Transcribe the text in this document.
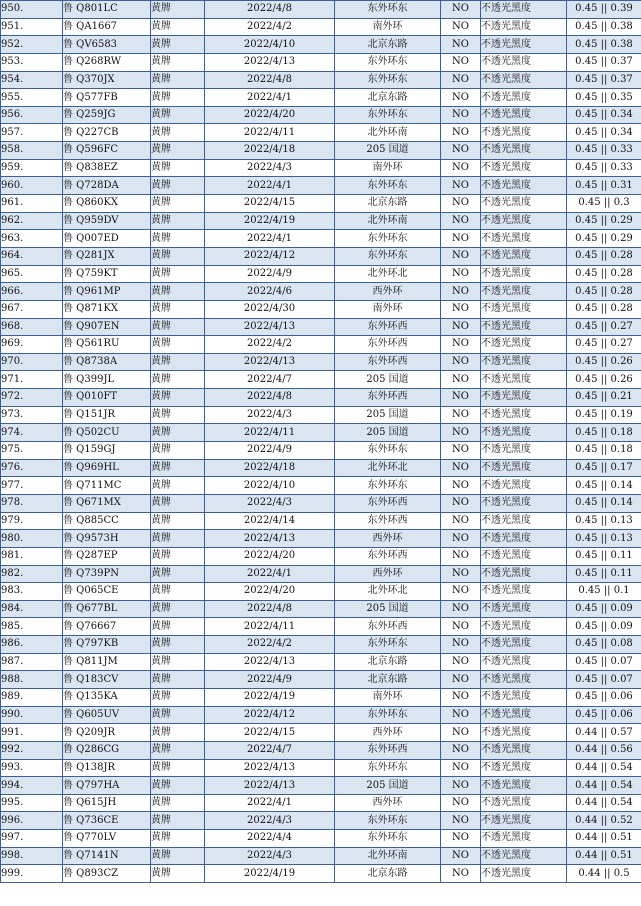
950.	鲁 Q801LC	黄牌	2022/4/8	东外环东	NO	不透光黑度	0.45 || 0.39
951.	鲁 QA1667	黄牌	2022/4/2	南外环	NO	不透光黑度	0.45 || 0.38
952.	鲁 QV6583	黄牌	2022/4/10	北京东路	NO	不透光黑度	0.45 || 0.38
953.	鲁 Q268RW	黄牌	2022/4/13	东外环东	NO	不透光黑度	0.45 || 0.37
954.	鲁 Q370JX	黄牌	2022/4/8	东外环东	NO	不透光黑度	0.45 || 0.37
955.	鲁 Q577FB	黄牌	2022/4/1	北京东路	NO	不透光黑度	0.45 || 0.35
956.	鲁 Q259JG	黄牌	2022/4/20	东外环东	NO	不透光黑度	0.45 || 0.34
957.	鲁 Q227CB	黄牌	2022/4/11	北外环南	NO	不透光黑度	0.45 || 0.34
958.	鲁 Q596FC	黄牌	2022/4/18	205 国道	NO	不透光黑度	0.45 || 0.33
959.	鲁 Q838EZ	黄牌	2022/4/3	南外环	NO	不透光黑度	0.45 || 0.33
960.	鲁 Q728DA	黄牌	2022/4/1	东外环东	NO	不透光黑度	0.45 || 0.31
961.	鲁 Q860KX	黄牌	2022/4/15	北京东路	NO	不透光黑度	0.45 || 0.3
962.	鲁 Q959DV	黄牌	2022/4/19	北外环南	NO	不透光黑度	0.45 || 0.29
963.	鲁 Q007ED	黄牌	2022/4/1	东外环东	NO	不透光黑度	0.45 || 0.29
964.	鲁 Q281JX	黄牌	2022/4/12	东外环东	NO	不透光黑度	0.45 || 0.28
965.	鲁 Q759KT	黄牌	2022/4/9	北外环北	NO	不透光黑度	0.45 || 0.28
966.	鲁 Q961MP	黄牌	2022/4/6	西外环	NO	不透光黑度	0.45 || 0.28
967.	鲁 Q871KX	黄牌	2022/4/30	南外环	NO	不透光黑度	0.45 || 0.28
968.	鲁 Q907EN	黄牌	2022/4/13	东外环西	NO	不透光黑度	0.45 || 0.27
969.	鲁 Q561RU	黄牌	2022/4/2	东外环西	NO	不透光黑度	0.45 || 0.27
970.	鲁 Q8738A	黄牌	2022/4/13	东外环西	NO	不透光黑度	0.45 || 0.26
971.	鲁 Q399JL	黄牌	2022/4/7	205 国道	NO	不透光黑度	0.45 || 0.26
972.	鲁 Q010FT	黄牌	2022/4/8	东外环西	NO	不透光黑度	0.45 || 0.21
973.	鲁 Q151JR	黄牌	2022/4/3	205 国道	NO	不透光黑度	0.45 || 0.19
974.	鲁 Q502CU	黄牌	2022/4/11	205 国道	NO	不透光黑度	0.45 || 0.18
975.	鲁 Q159GJ	黄牌	2022/4/9	东外环东	NO	不透光黑度	0.45 || 0.18
976.	鲁 Q969HL	黄牌	2022/4/18	北外环北	NO	不透光黑度	0.45 || 0.17
977.	鲁 Q711MC	黄牌	2022/4/10	东外环东	NO	不透光黑度	0.45 || 0.14
978.	鲁 Q671MX	黄牌	2022/4/3	东外环西	NO	不透光黑度	0.45 || 0.14
979.	鲁 Q885CC	黄牌	2022/4/14	东外环西	NO	不透光黑度	0.45 || 0.13
980.	鲁 Q9573H	黄牌	2022/4/13	西外环	NO	不透光黑度	0.45 || 0.13
981.	鲁 Q287EP	黄牌	2022/4/20	东外环西	NO	不透光黑度	0.45 || 0.11
982.	鲁 Q739PN	黄牌	2022/4/1	西外环	NO	不透光黑度	0.45 || 0.11
983.	鲁 Q065CE	黄牌	2022/4/20	北外环北	NO	不透光黑度	0.45 || 0.1
984.	鲁 Q677BL	黄牌	2022/4/8	205 国道	NO	不透光黑度	0.45 || 0.09
985.	鲁 Q76667	黄牌	2022/4/11	东外环西	NO	不透光黑度	0.45 || 0.09
986.	鲁 Q797KB	黄牌	2022/4/2	东外环东	NO	不透光黑度	0.45 || 0.08
987.	鲁 Q811JM	黄牌	2022/4/13	北京东路	NO	不透光黑度	0.45 || 0.07
988.	鲁 Q183CV	黄牌	2022/4/9	北京东路	NO	不透光黑度	0.45 || 0.07
989.	鲁 Q135KA	黄牌	2022/4/19	南外环	NO	不透光黑度	0.45 || 0.06
990.	鲁 Q605UV	黄牌	2022/4/12	东外环东	NO	不透光黑度	0.45 || 0.06
991.	鲁 Q209JR	黄牌	2022/4/15	西外环	NO	不透光黑度	0.44 || 0.57
992.	鲁 Q286CG	黄牌	2022/4/7	东外环西	NO	不透光黑度	0.44 || 0.56
993.	鲁 Q138JR	黄牌	2022/4/13	东外环东	NO	不透光黑度	0.44 || 0.54
994.	鲁 Q797HA	黄牌	2022/4/13	205 国道	NO	不透光黑度	0.44 || 0.54
995.	鲁 Q615JH	黄牌	2022/4/1	西外环	NO	不透光黑度	0.44 || 0.54
996.	鲁 Q736CE	黄牌	2022/4/3	东外环东	NO	不透光黑度	0.44 || 0.52
997.	鲁 Q770LV	黄牌	2022/4/4	东外环东	NO	不透光黑度	0.44 || 0.51
998.	鲁 Q7141N	黄牌	2022/4/3	北外环南	NO	不透光黑度	0.44 || 0.51
999.	鲁 Q893CZ	黄牌	2022/4/19	北京东路	NO	不透光黑度	0.44 || 0.5
